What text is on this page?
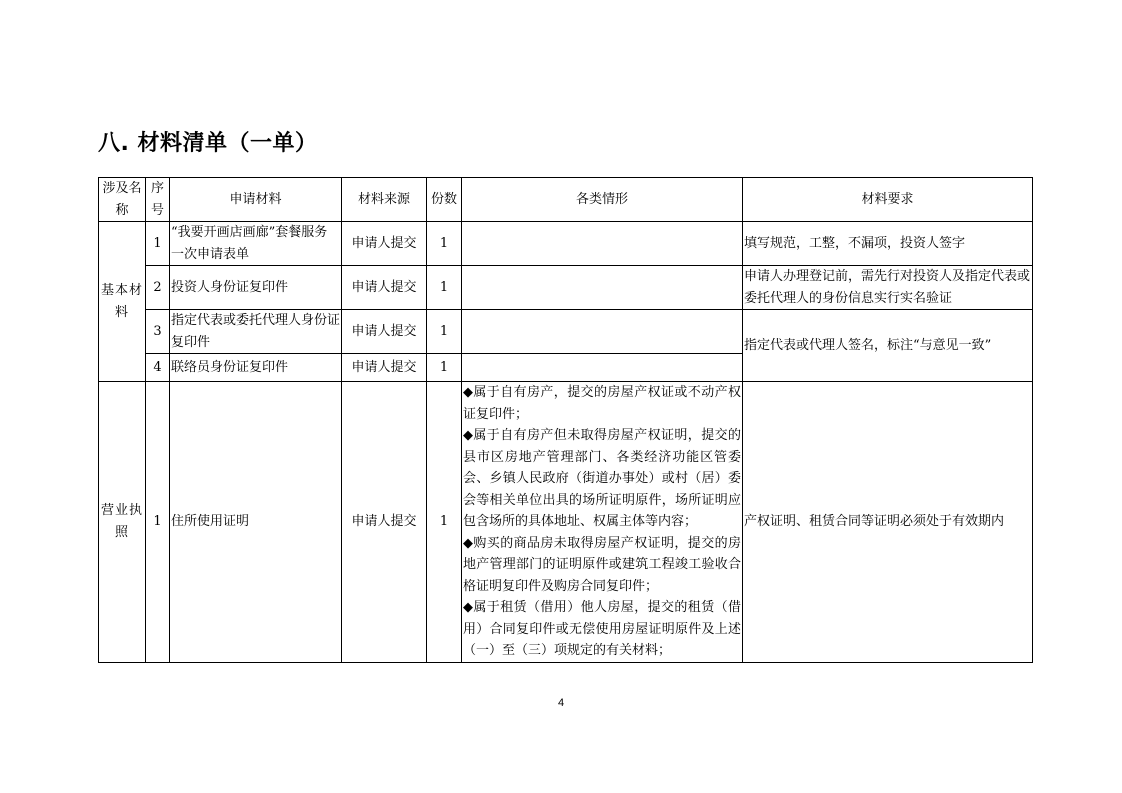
八. 材料清单（一单）
涉及名称	序号	申请材料	材料来源	份数	各类情形	材料要求
基本材料	1	“我要开画店画廊”套餐服务一次申请表单	申请人提交	1		填写规范，工整，不漏项，投资人签字
	2	投资人身份证复印件	申请人提交	1		申请人办理登记前，需先行对投资人及指定代表或委托代理人的身份信息实行实名验证
	3	指定代表或委托代理人身份证复印件	申请人提交	1		指定代表或代理人签名，标注“与意见一致”
	4	联络员身份证复印件	申请人提交	1		
营业执照	1	住所使用证明	申请人提交	1	◆属于自有房产，提交的房屋产权证或不动产权证复印件；
◆属于自有房产但未取得房屋产权证明，提交的县市区房地产管理部门、各类经济功能区管委会、乡镇人民政府（街道办事处）或村（居）委会等相关单位出具的场所证明原件，场所证明应包含场所的具体地址、权属主体等内容；
◆购买的商品房未取得房屋产权证明，提交的房地产管理部门的证明原件或建筑工程竣工验收合格证明复印件及购房合同复印件；
◆属于租赁（借用）他人房屋，提交的租赁（借用）合同复印件或无偿使用房屋证明原件及上述（一）至（三）项规定的有关材料；	产权证明、租赁合同等证明必须处于有效期内
4
